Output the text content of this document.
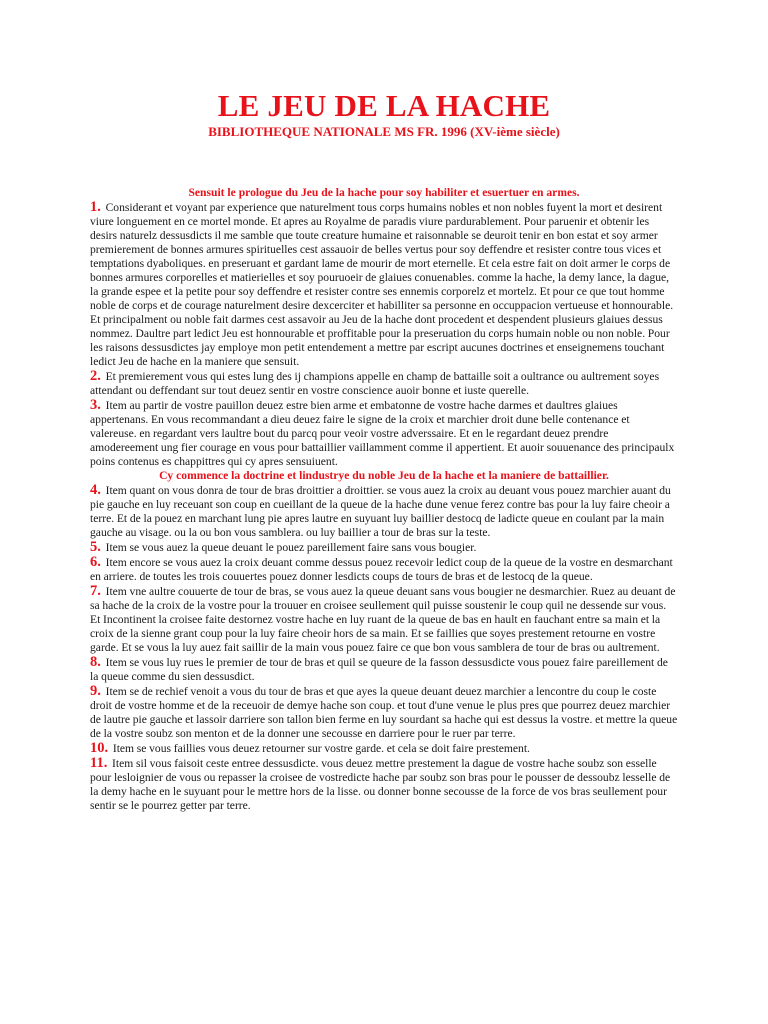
LE JEU DE LA HACHE

BIBLIOTHEQUE NATIONALE MS FR. 1996 (XV-ième siècle)

Sensuit le prologue du Jeu de la hache pour soy habiliter et esuertuer en armes.

1. Considerant et voyant par experience que naturelment tous corps humains nobles et non nobles fuyent la mort et desirent viure longuement en ce mortel monde. Et apres au Royalme de paradis viure pardurablement. Pour paruenir et obtenir les desirs naturelz dessusdicts il me samble que toute creature humaine et raisonnable se deuroit tenir en bon estat et soy armer premierement de bonnes armures spirituelles cest assauoir de belles vertus pour soy deffendre et resister contre tous vices et temptations dyaboliques. en preseruant et gardant lame de mourir de mort eternelle. Et cela estre fait on doit armer le corps de bonnes armures corporelles et matierielles et soy pouruoeir de glaiues conuenables. comme la hache, la demy lance, la dague, la grande espee et la petite pour soy deffendre et resister contre ses ennemis corporelz et mortelz. Et pour ce que tout homme noble de corps et de courage naturelment desire dexcerciter et habilliter sa personne en occuppacion vertueuse et honnourable. Et principalment ou noble fait darmes cest assavoir au Jeu de la hache dont procedent et despendent plusieurs glaiues dessus nommez. Daultre part ledict Jeu est honnourable et proffitable pour la preseruation du corps humain noble ou non noble. Pour les raisons dessusdictes jay employe mon petit entendement a mettre par escript aucunes doctrines et enseignemens touchant ledict Jeu de hache en la maniere que sensuit.

2. Et premierement vous qui estes lung des ij champions appelle en champ de battaille soit a oultrance ou aultrement soyes attendant ou deffendant sur tout deuez sentir en vostre conscience auoir bonne et iuste querelle.

3. Item au partir de vostre pauillon deuez estre bien arme et embatonne de vostre hache darmes et daultres glaiues appertenans. En vous recommandant a dieu deuez faire le signe de la croix et marchier droit dune belle contenance et valereuse. en regardant vers laultre bout du parcq pour veoir vostre adverssaire. Et en le regardant deuez prendre amodereement ung fier courage en vous pour battaillier vaillamment comme il appertient. Et auoir souuenance des principaulx poins contenus es chappittres qui cy apres sensuiuent.

Cy commence la doctrine et lindustrye du noble Jeu de la hache et la maniere de battaillier.

4. Item quant on vous donra de tour de bras droittier a droittier. se vous auez la croix au deuant vous pouez marchier auant du pie gauche en luy receuant son coup en cueillant de la queue de la hache dune venue ferez contre bas pour la luy faire cheoir a terre. Et de la pouez en marchant lung pie apres lautre en suyuant luy baillier destocq de ladicte queue en coulant par la main gauche au visage. ou la ou bon vous samblera. ou luy baillier a tour de bras sur la teste.

5. Item se vous auez la queue deuant le pouez pareillement faire sans vous bougier.

6. Item encore se vous auez la croix deuant comme dessus pouez recevoir ledict coup de la queue de la vostre en desmarchant en arriere. de toutes les trois couuertes pouez donner lesdicts coups de tours de bras et de lestocq de la queue.

7. Item vne aultre couuerte de tour de bras, se vous auez la queue deuant sans vous bougier ne desmarchier. Ruez au deuant de sa hache de la croix de la vostre pour la trouuer en croisee seullement quil puisse soustenir le coup quil ne dessende sur vous. Et Incontinent la croisee faite destornez vostre hache en luy ruant de la queue de bas en hault en fauchant entre sa main et la croix de la sienne grant coup pour la luy faire cheoir hors de sa main. Et se faillies que soyes prestement retourne en vostre garde. Et se vous la luy auez fait saillir de la main vous pouez faire ce que bon vous samblera de tour de bras ou aultrement.

8. Item se vous luy rues le premier de tour de bras et quil se queure de la fasson dessusdicte vous pouez faire pareillement de la queue comme du sien dessusdict.

9. Item se de rechief venoit a vous du tour de bras et que ayes la queue deuant deuez marchier a lencontre du coup le coste droit de vostre homme et de la receuoir de demye hache son coup. et tout d'une venue le plus pres que pourrez deuez marchier de lautre pie gauche et lassoir darriere son tallon bien ferme en luy sourdant sa hache qui est dessus la vostre. et mettre la queue de la vostre soubz son menton et de la donner une secousse en darriere pour le ruer par terre.

10. Item se vous faillies vous deuez retourner sur vostre garde. et cela se doit faire prestement.

11. Item sil vous faisoit ceste entree dessusdicte. vous deuez mettre prestement la dague de vostre hache soubz son esselle pour lesloignier de vous ou repasser la croisee de vostredicte hache par soubz son bras pour le pousser de dessoubz lesselle de la demy hache en le suyuant pour le mettre hors de la lisse. ou donner bonne secousse de la force de vos bras seullement pour sentir se le pourrez getter par terre.
